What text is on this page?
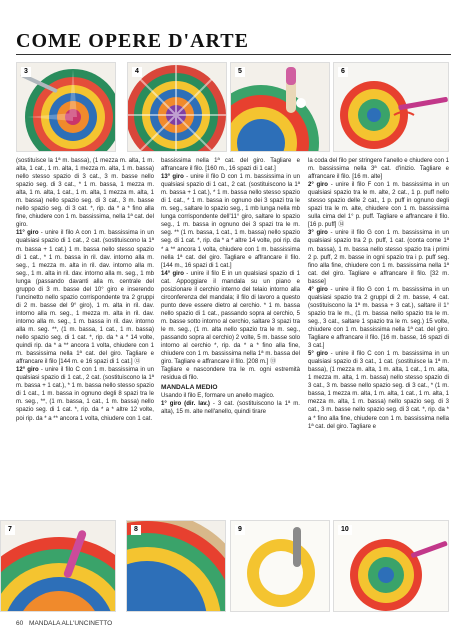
COME OPERE D'ARTE
3	4	5	6

(sostituisce la 1ª m. bassa), (1 mezza m. alta, 1 m. alta, 1 cat., 1 m. alta, 1 mezza m. alta, 1 m. bassa) nello stesso spazio di 3 cat., 3 m. basse nello spazio seg. di 3 cat., * 1 m. bassa, 1 mezza m. alta, 1 m. alta, 1 cat., 1 m. alta, 1 mezza m. alta, 1 m. bassa) nello spazio seg. di 3 cat., 3 m. basse nello spazio seg. di 3 cat. *, rip. da * a * fino alla fine, chiudere con 1 m. bassissima, nella 1ª cat. del giro.

11° giro - unire il filo A con 1 m. bassissima in un qualsiasi spazio di 1 cat., 2 cat. (sostituiscono la 1ª m. bassa + 1 cat.) 1 m. bassa nello stesso spazio di 1 cat., * 1 m. bassa in ril. dav. intorno alla m. seg., 1 mezza m. alta in ril. dav. intorno alla m. seg., 1 m. alta in ril. dav. intorno alla m. seg., 1 mb lunga (passando davanti alla m. centrale del gruppo di 3 m. basse del 10° giro e inserendo l'uncinetto nello spazio corrispondente tra 2 gruppi di 2 m. basse del 9° giro), 1 m. alta in ril. dav. intorno alla m. seg., 1 mezza m. alta in ril. dav. intorno alla m. seg., 1 m. bassa in ril. dav. intorno alla m. seg. **, (1 m. bassa, 1 cat., 1 m. bassa) nello spazio seg. di 1 cat. *, rip. da * a * 14 volte, quindi rip. da * a ** ancora 1 volta, chiudere con 1 m. bassissima nella 1ª cat. del giro. Tagliare e affrancare il filo [144 m. e 16 spazi di 1 cat.] ⑫

12° giro - unire il filo C con 1 m. bassissima in un qualsiasi spazio di 1 cat., 2 cat. (sostituiscono la 1ª m. bassa + 1 cat.), * 1 m. bassa nello stesso spazio di 1 cat., 1 m. bassa in ognuno degli 8 spazi tra le m. seg., **, (1 m. bassa, 1 cat., 1 m. bassa) nello spazio seg. di 1 cat. *, rip. da * a * altre 12 volte, poi rip. da * a ** ancora 1 volta, chiudere con 1 cat.

bassissima nella 1ª cat. del giro. Tagliare e affrancare il filo. [160 m., 16 spazi di 1 cat.]

13° giro - unire il filo D con 1 m. bassissima in un qualsiasi spazio di 1 cat., 2 cat. (sostituiscono la 1ª m. bassa + 1 cat.), * 1 m. bassa nello stesso spazio di 1 cat., * 1 m. bassa in ognuno dei 3 spazi tra le m. seg., saltare lo spazio seg., 1 mb lunga nella mb lunga corrispondente dell'11° giro, saltare lo spazio seg., 1 m. bassa in ognuno dei 3 spazi tra le m. seg. ** (1 m. bassa, 1 cat., 1 m. bassa) nello spazio seg. di 1 cat. *, rip. da * a * altre 14 volte, poi rip. da * a ** ancora 1 volta, chiudere con 1 m. bassissima nella 1ª cat. del giro. Tagliare e affrancare il filo. [144 m., 16 spazi di 1 cat.]

14° giro - unire il filo E in un qualsiasi spazio di 1 cat. Appoggiare il mandala su un piano e posizionare il cerchio interno del telaio intorno alla circonferenza del mandala; il filo di lavoro a questo punto deve essere dietro al cerchio. * 1 m. bassa nello spazio di 1 cat., passando sopra al cerchio, 5 m. basse sotto intorno al cerchio, saltare 3 spazi tra le m. seg., (1 m. alta nello spazio tra le m. seg., passando sopra al cerchio) 2 volte, 5 m. basse solo intorno al cerchio *, rip. da * a * fino alla fine, chiudere con 1 m. bassissima nella 1ª m. bassa del giro. Tagliare e affrancare il filo. [208 m.] ⑬

Tagliare e nascondere tra le m. ogni estremità residua di filo.

MANDALA MEDIO

Usando il filo E, formare un anello magico.

1° giro (dir. lav.) - 3 cat. (sostituiscono la 1ª m. alta), 15 m. alte nell'anello, quindi tirare

la coda del filo per stringere l'anello e chiudere con 1 m. bassissima nella 3ª cat. d'inizio. Tagliare e affrancare il filo. [16 m. alte]

2° giro - unire il filo F con 1 m. bassissima in un qualsiasi spazio tra le m. alte, 2 cat., 1 p. puff nello stesso spazio delle 2 cat., 1 p. puff in ognuno degli spazi tra le m. alte, chiudere con 1 m. bassissima sulla cima del 1° p. puff. Tagliare e affrancare il filo. [16 p. puff] ⑭

3° giro - unire il filo G con 1 m. bassissima in un qualsiasi spazio tra 2 p. puff, 1 cat. (conta come 1ª m. bassa), 1 m. bassa nello stesso spazio tra i primi 2 p. puff, 2 m. basse in ogni spazio tra i p. puff seg. fino alla fine, chiudere con 1 m. bassissima nella 1ª cat. del giro. Tagliare e affrancare il filo. [32 m. basse]

4° giro - unire il filo G con 1 m. bassissima in un qualsiasi spazio tra 2 gruppi di 2 m. basse, 4 cat. (sostituiscono la 1ª m. bassa + 3 cat.), saltare il 1° spazio tra le m., (1 m. bassa nello spazio tra le m. seg., 3 cat., saltare 1 spazio tra le m. seg.) 15 volte, chiudere con 1 m. bassissima nella 1ª cat. del giro. Tagliare e affrancare il filo. [16 m. basse, 16 spazi di 3 cat.]

5° giro - unire il filo C con 1 m. bassissima in un qualsiasi spazio di 3 cat., 1 cat. (sostituisce la 1ª m. bassa), (1 mezza m. alta, 1 m. alta, 1 cat., 1 m. alta, 1 mezza m. alta, 1 m. bassa) nello stesso spazio di 3 cat., 3 m. basse nello spazio seg. di 3 cat., * (1 m. bassa, 1 mezza m. alta, 1 m. alta, 1 cat., 1 m. alta, 1 mezza m. alta, 1 m. bassa) nello spazio seg. di 3 cat., 3 m. basse nello spazio seg. di 3 cat. *, rip. da * a * fino alla fine, chiudere con 1 m. bassissima nella 1ª cat. del giro. Tagliare e

7	8	9	10
60 MANDALA ALL'UNCINETTO
